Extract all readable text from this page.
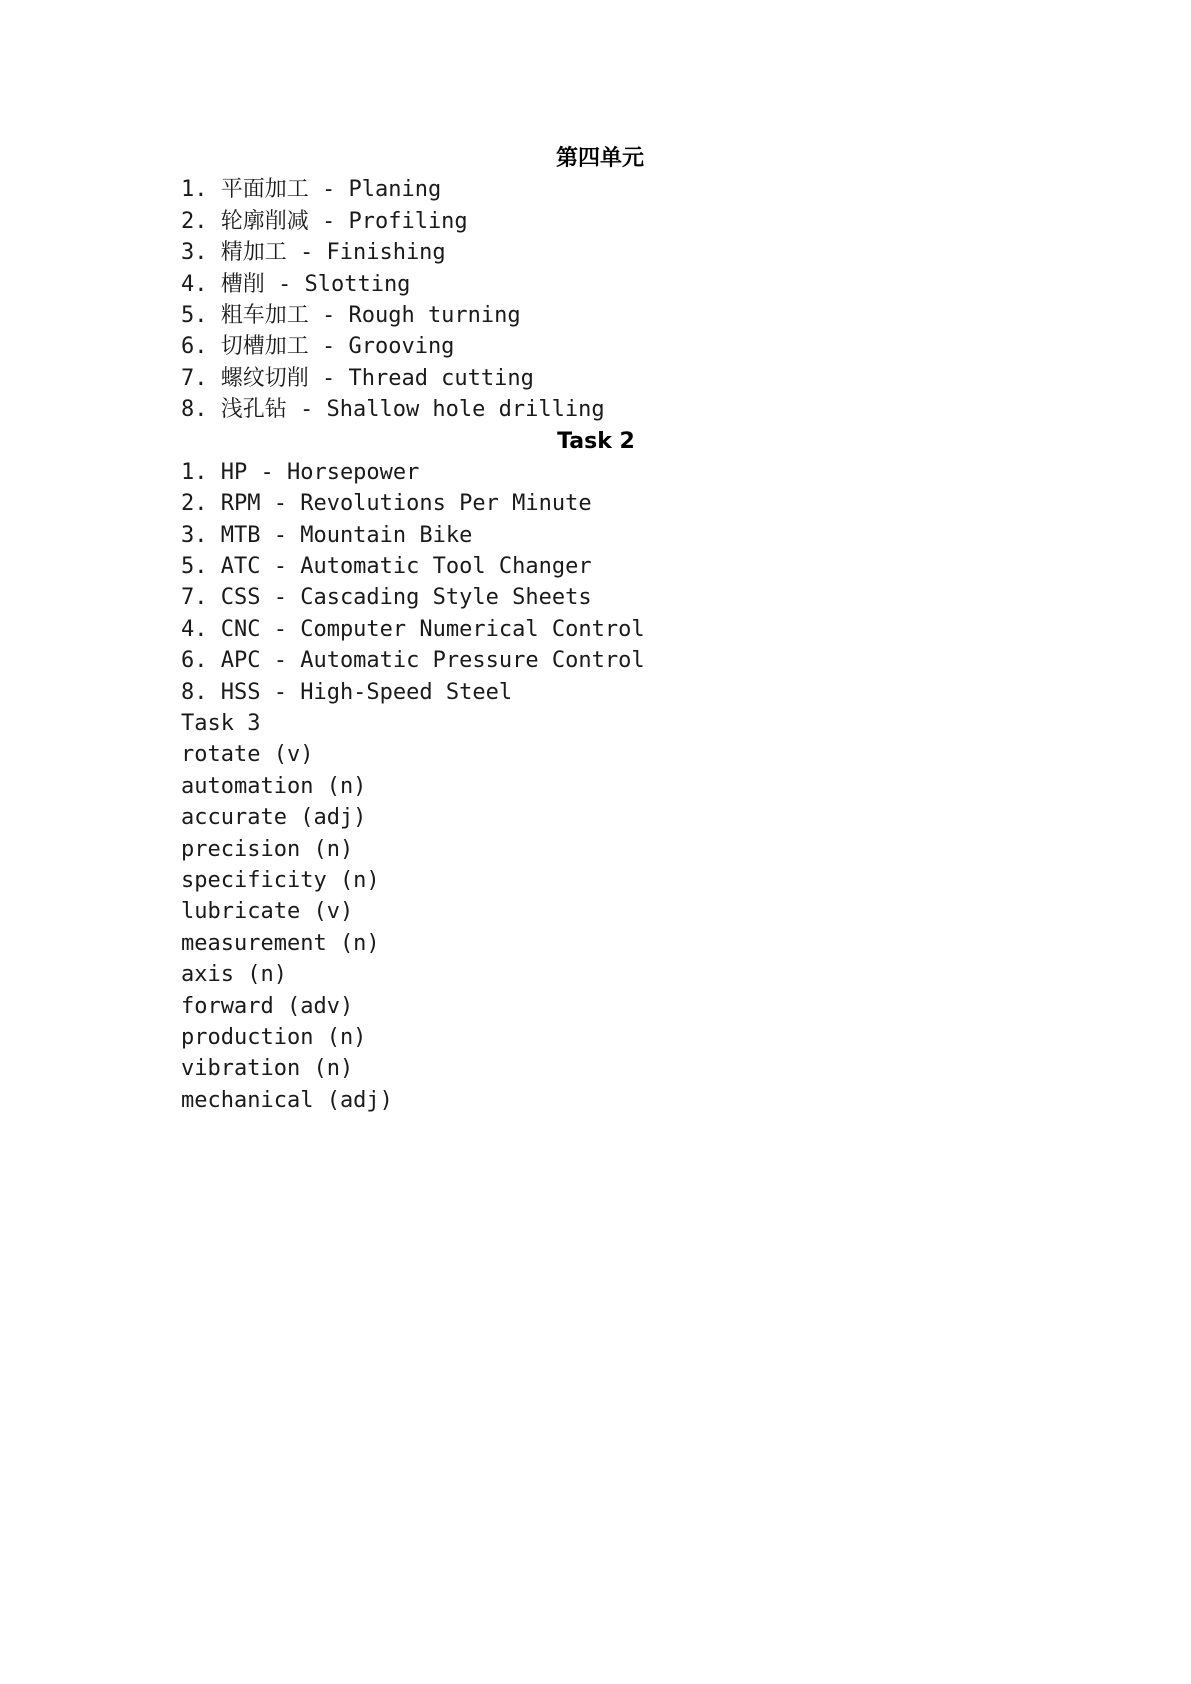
第四单元
1. 平面加工 - Planing
2. 轮廓削减 - Profiling
3. 精加工 - Finishing
4. 槽削 - Slotting
5. 粗车加工 - Rough turning
6. 切槽加工 - Grooving
7. 螺纹切削 - Thread cutting
8. 浅孔钻 - Shallow hole drilling
Task 2
1. HP - Horsepower
2. RPM - Revolutions Per Minute
3. MTB - Mountain Bike
5. ATC - Automatic Tool Changer
7. CSS - Cascading Style Sheets
4. CNC - Computer Numerical Control
6. APC - Automatic Pressure Control
8. HSS - High-Speed Steel
Task 3
rotate (v)
automation (n)
accurate (adj)
precision (n)
specificity (n)
lubricate (v)
measurement (n)
axis (n)
forward (adv)
production (n)
vibration (n)
mechanical (adj)
